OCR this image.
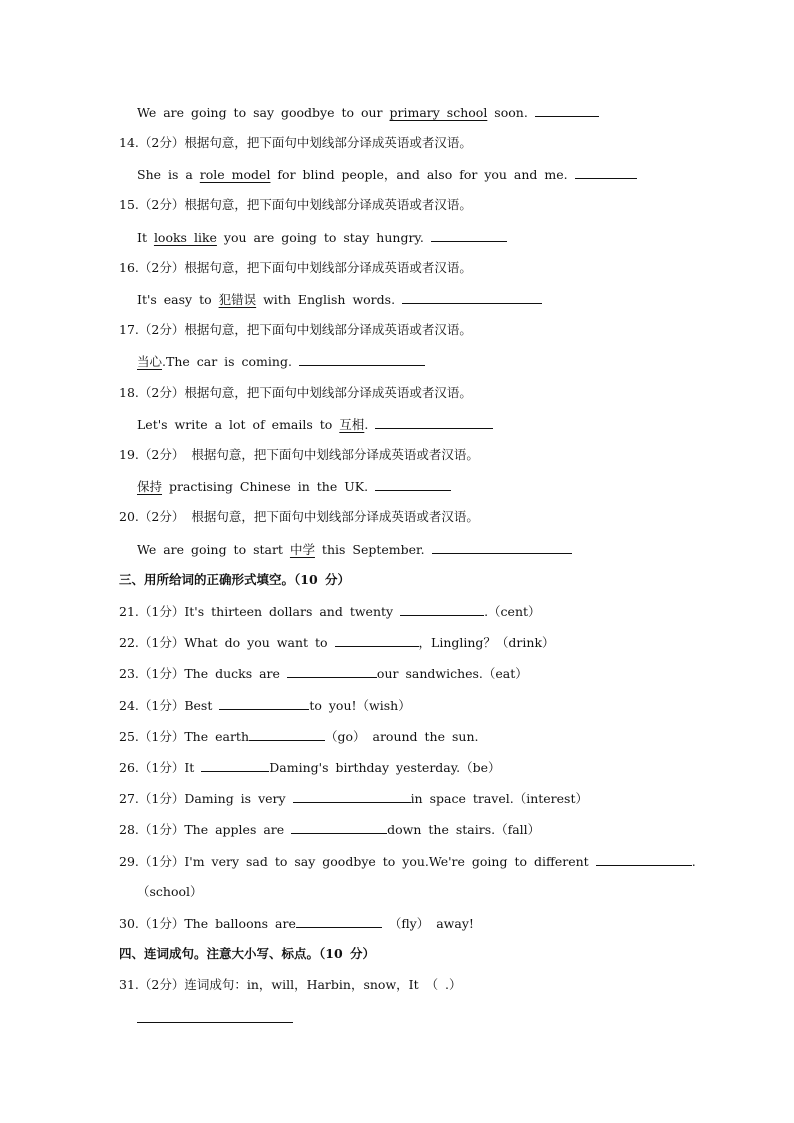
We are going to say goodbye to our primary school soon.
14.（2分）根据句意，把下面句中划线部分译成英语或者汉语。
She is a role model for blind people，and also for you and me.
15.（2分）根据句意，把下面句中划线部分译成英语或者汉语。
It looks like you are going to stay hungry.
16.（2分）根据句意，把下面句中划线部分译成英语或者汉语。
It's easy to 犯错误 with English words.
17.（2分）根据句意，把下面句中划线部分译成英语或者汉语。
当心.The car is coming.
18.（2分）根据句意，把下面句中划线部分译成英语或者汉语。
Let's write a lot of emails to 互相.
19.（2分） 根据句意，把下面句中划线部分译成英语或者汉语。
保持 practising Chinese in the UK.
20.（2分） 根据句意，把下面句中划线部分译成英语或者汉语。
We are going to start 中学 this September.
三、用所给词的正确形式填空。（10 分）
21.（1分）It's thirteen dollars and twenty	.（cent）
22.（1分）What do you want to	，Lingling？（drink）
23.（1分）The ducks are	our sandwiches.（eat）
24.（1分）Best	to you!（wish）
25.（1分）The earth	（go） around the sun.
26.（1分）It	Daming's birthday yesterday.（be）
27.（1分）Daming is very	in space travel.（interest）
28.（1分）The apples are	down the stairs.（fall）
29.（1分）I'm very sad to say goodbye to you.We're going to different	.
（school）
30.（1分）The balloons are	（fly） away!
四、连词成句。注意大小写、标点。（10 分）
31.（2分）连词成句：in，will，Harbin，snow，It （ .）
